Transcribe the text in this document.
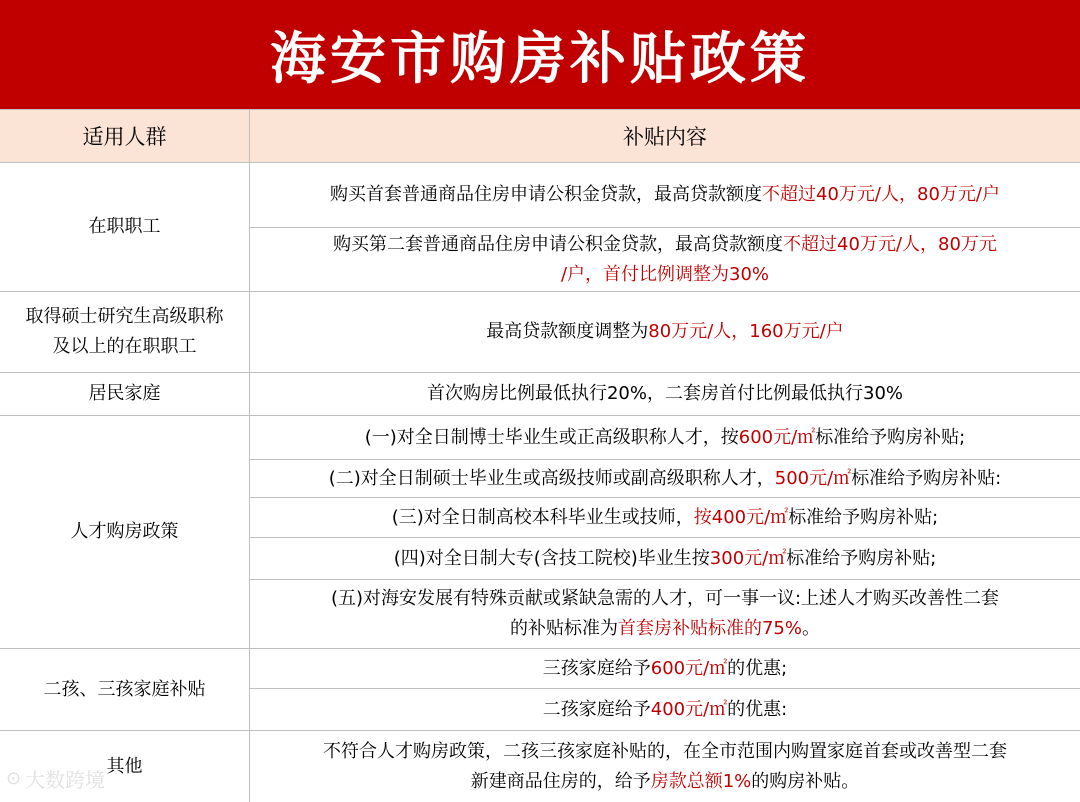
海安市购房补贴政策
适用人群	补贴内容
在职职工
取得硕士研究生高级职称
及以上的在职职工
居民家庭
人才购房政策
二孩、三孩家庭补贴
其他
购买首套普通商品住房申请公积金贷款，最高贷款额度不超过40万元/人，80万元/户
购买第二套普通商品住房申请公积金贷款，最高贷款额度不超过40万元/人，80万元
/户，首付比例调整为30%
最高贷款额度调整为80万元/人，160万元/户
首次购房比例最低执行20%，二套房首付比例最低执行30%
(一)对全日制博士毕业生或正高级职称人才，按600元/㎡标准给予购房补贴;
(二)对全日制硕士毕业生或高级技师或副高级职称人才，500元/㎡标准给予购房补贴:
(三)对全日制高校本科毕业生或技师，按400元/㎡标准给予购房补贴;
(四)对全日制大专(含技工院校)毕业生按300元/㎡标准给予购房补贴;
(五)对海安发展有特殊贡献或紧缺急需的人才，可一事一议:上述人才购买改善性二套
的补贴标准为首套房补贴标准的75%。
三孩家庭给予600元/㎡的优惠;
二孩家庭给予400元/㎡的优惠:
不符合人才购房政策，二孩三孩家庭补贴的，在全市范围内购置家庭首套或改善型二套
新建商品住房的，给予房款总额1%的购房补贴。
⊙ 大数跨境
